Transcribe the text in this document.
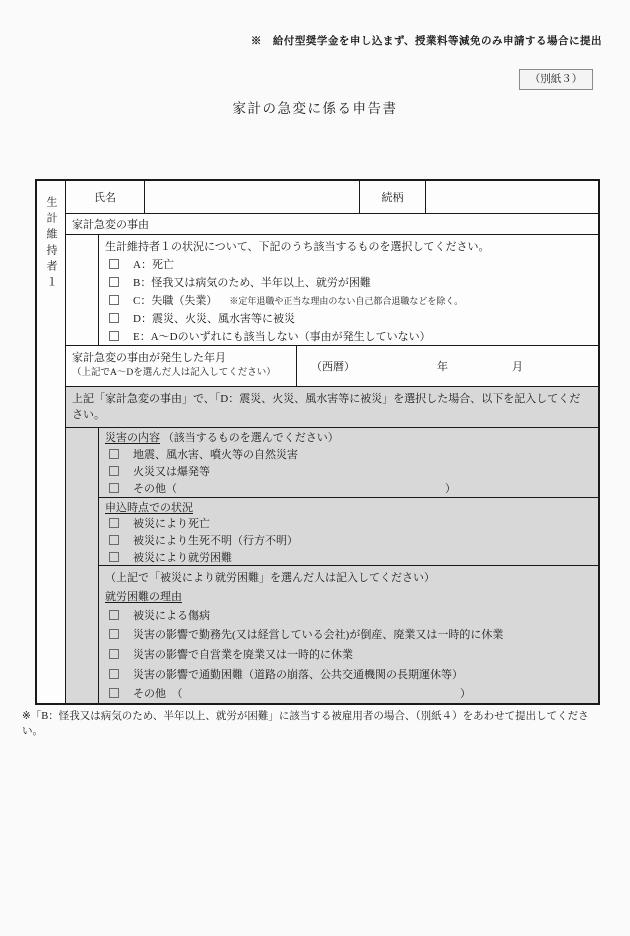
※　給付型奨学金を申し込まず、授業料等減免のみ申請する場合に提出
（別紙３）
家計の急変に係る申告書
生計維持者１	氏名	続柄
家計急変の事由
生計維持者１の状況について、下記のうち該当するものを選択してください。
A：死亡
B：怪我又は病気のため、半年以上、就労が困難
C：失職（失業） ※定年退職や正当な理由のない自己都合退職などを除く。
D：震災、火災、風水害等に被災
E：A～Dのいずれにも該当しない（事由が発生していない）
家計急変の事由が発生した年月
（上記でA～Dを選んだ人は記入してください）
（西暦）	年	月
上記「家計急変の事由」で、「D：震災、火災、風水害等に被災」を選択した場合、以下を記入してください。
災害の内容 （該当するものを選んでください）
地震、風水害、噴火等の自然災害
火災又は爆発等
その他（	）
申込時点での状況
被災により死亡
被災により生死不明（行方不明）
被災により就労困難
（上記で「被災により就労困難」を選んだ人は記入してください）
就労困難の理由
被災による傷病
災害の影響で勤務先(又は経営している会社)が倒産、廃業又は一時的に休業
災害の影響で自営業を廃業又は一時的に休業
災害の影響で通勤困難（道路の崩落、公共交通機関の長期運休等）
その他　（	）
※「B：怪我又は病気のため、半年以上、就労が困難」に該当する被雇用者の場合、（別紙４）をあわせて提出してください。
